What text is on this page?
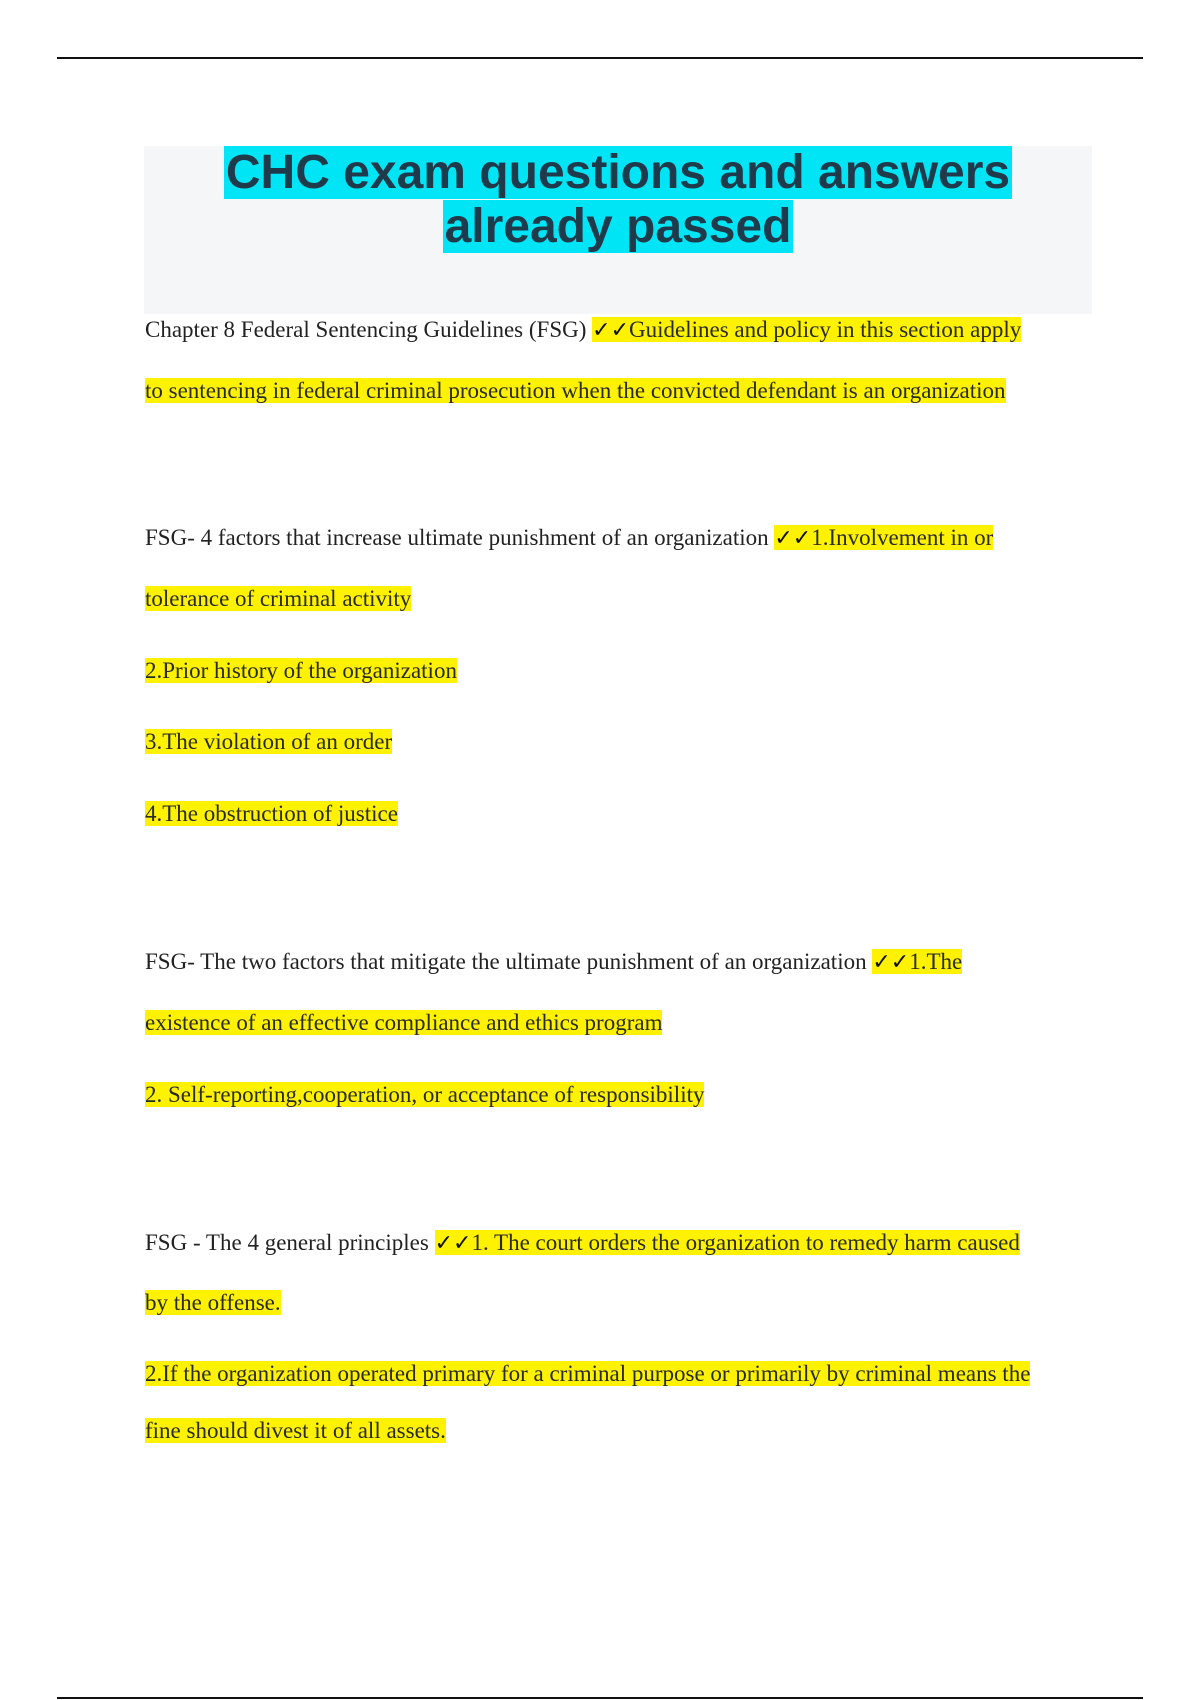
CHC exam questions and answers
already passed
Chapter 8 Federal Sentencing Guidelines (FSG) ✓✓Guidelines and policy in this section apply
to sentencing in federal criminal prosecution when the convicted defendant is an organization
FSG- 4 factors that increase ultimate punishment of an organization ✓✓1.Involvement in or
tolerance of criminal activity
2.Prior history of the organization
3.The violation of an order
4.The obstruction of justice
FSG- The two factors that mitigate the ultimate punishment of an organization ✓✓1.The
existence of an effective compliance and ethics program
2. Self-reporting,cooperation, or acceptance of responsibility
FSG - The 4 general principles ✓✓1. The court orders the organization to remedy harm caused
by the offense.
2.If the organization operated primary for a criminal purpose or primarily by criminal means the
fine should divest it of all assets.
